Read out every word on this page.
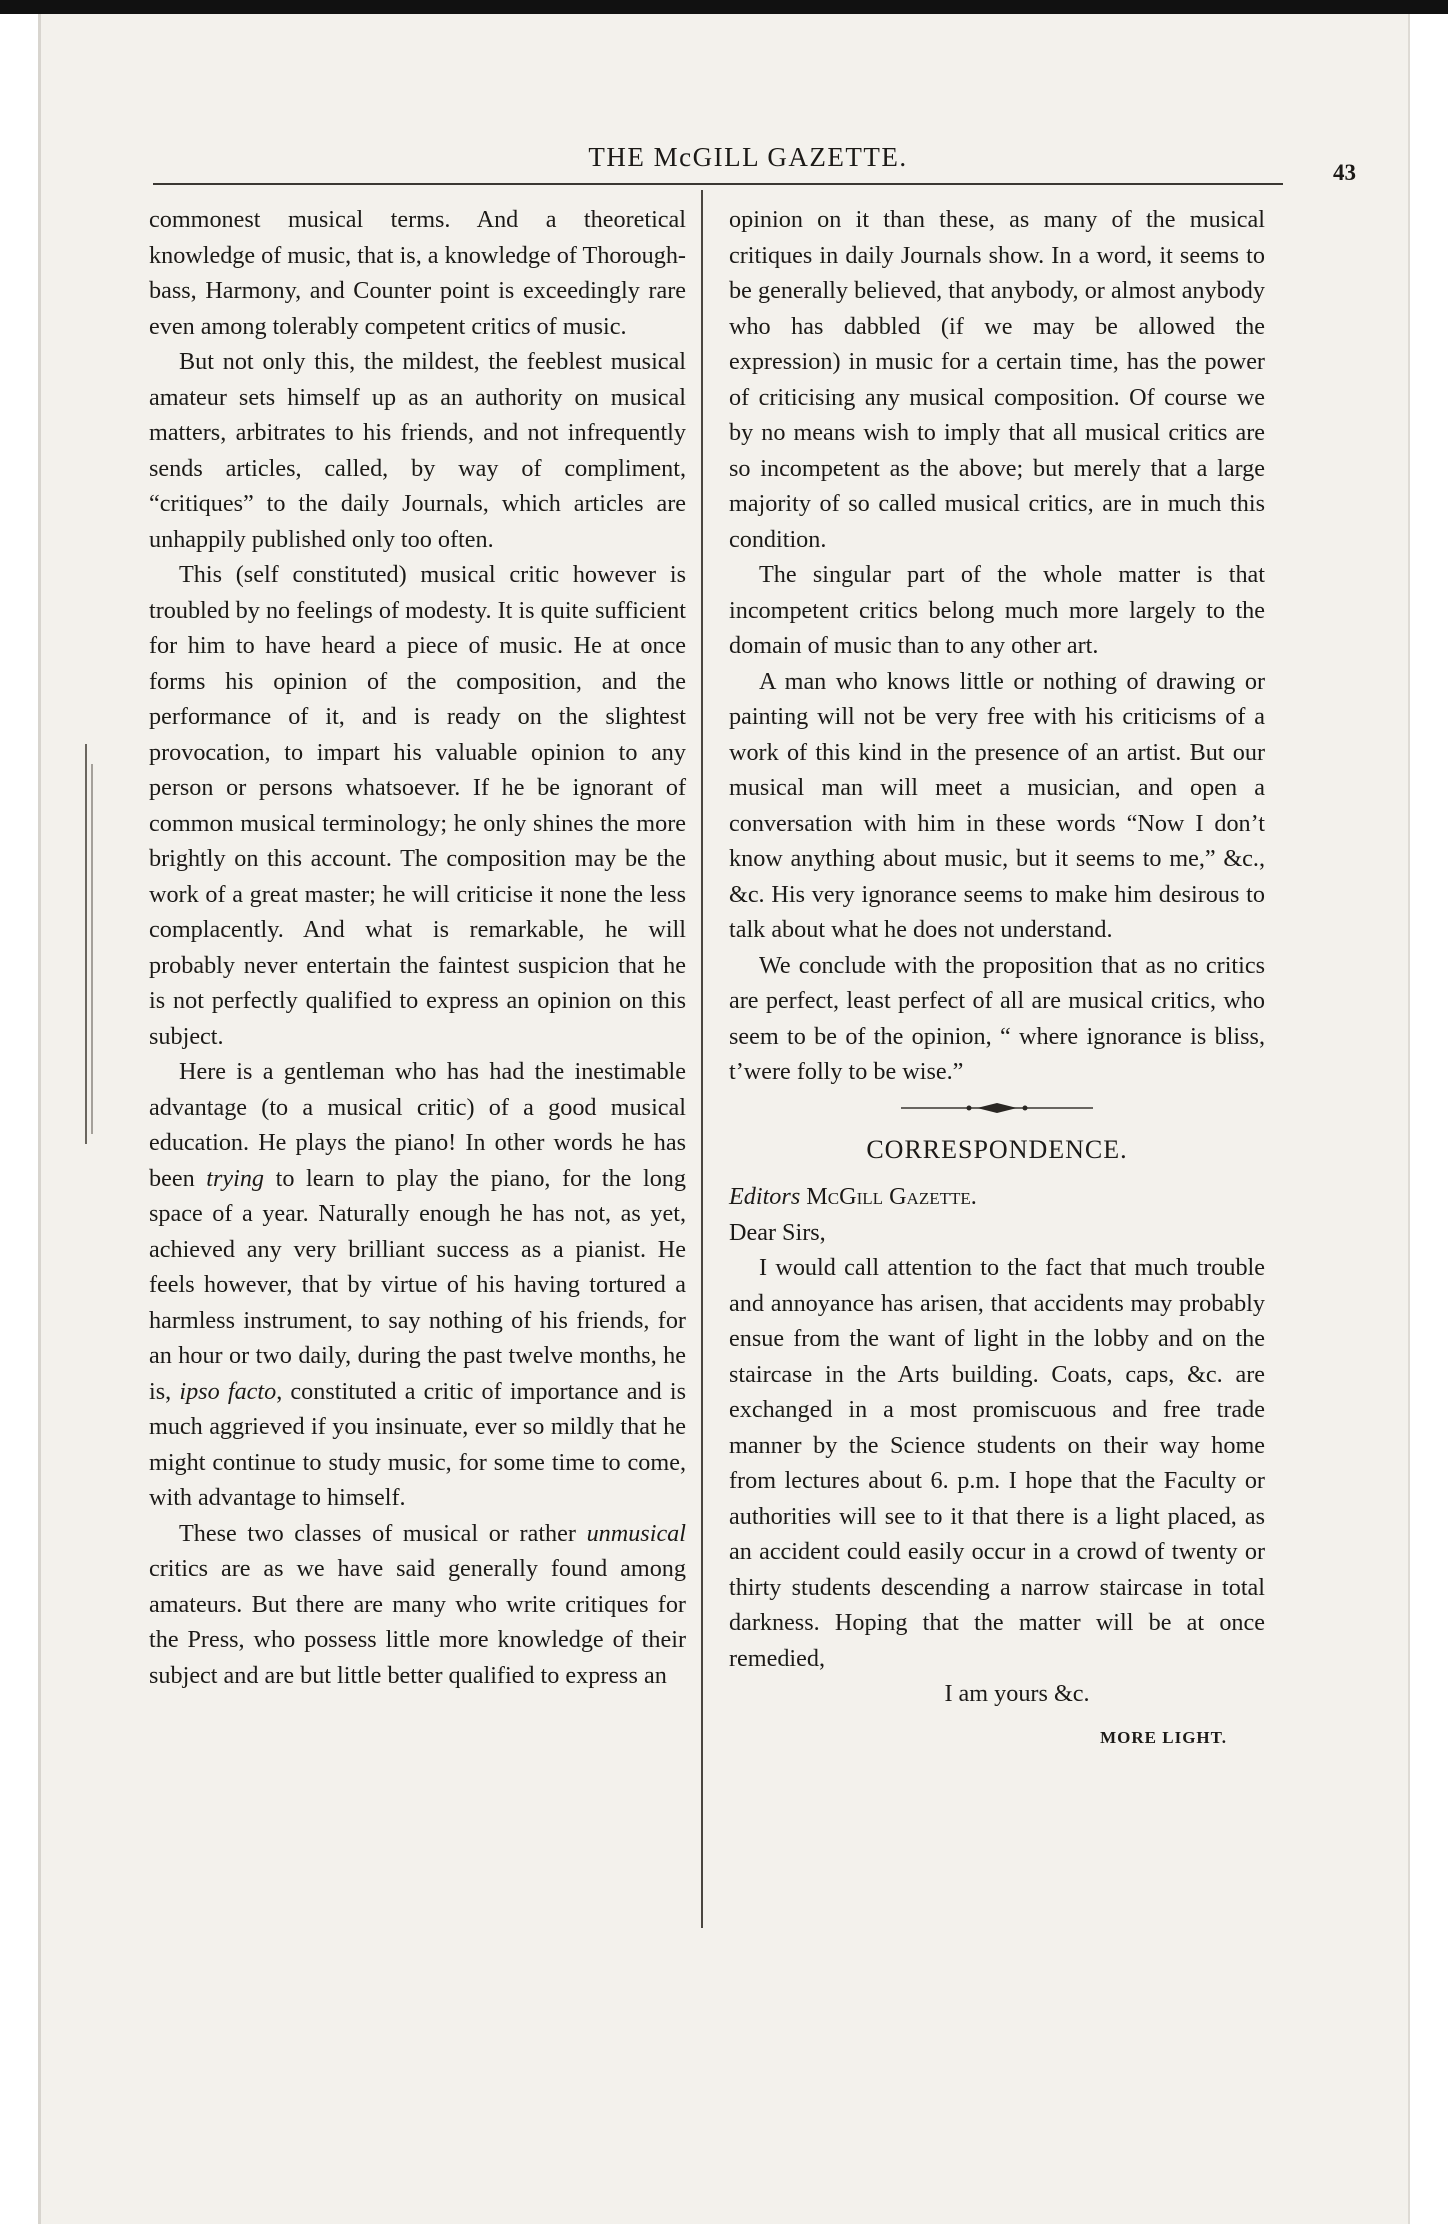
THE McGILL GAZETTE.
43

commonest musical terms. And a theoretical knowledge of music, that is, a knowledge of Thorough-bass, Harmony, and Counter point is exceedingly rare even among tolerably competent critics of music.

But not only this, the mildest, the feeblest musical amateur sets himself up as an authority on musical matters, arbitrates to his friends, and not infrequently sends articles, called, by way of compliment, “critiques” to the daily Journals, which articles are unhappily published only too often.

This (self constituted) musical critic however is troubled by no feelings of modesty. It is quite sufficient for him to have heard a piece of music. He at once forms his opinion of the composition, and the performance of it, and is ready on the slightest provocation, to impart his valuable opinion to any person or persons whatsoever. If he be ignorant of common musical terminology; he only shines the more brightly on this account. The composition may be the work of a great master; he will criticise it none the less complacently. And what is remarkable, he will probably never entertain the faintest suspicion that he is not perfectly qualified to express an opinion on this subject.

Here is a gentleman who has had the inestimable advantage (to a musical critic) of a good musical education. He plays the piano! In other words he has been trying to learn to play the piano, for the long space of a year. Naturally enough he has not, as yet, achieved any very brilliant success as a pianist. He feels however, that by virtue of his having tortured a harmless instrument, to say nothing of his friends, for an hour or two daily, during the past twelve months, he is, ipso facto, constituted a critic of importance and is much aggrieved if you insinuate, ever so mildly that he might continue to study music, for some time to come, with advantage to himself.

These two classes of musical or rather unmusical critics are as we have said generally found among amateurs. But there are many who write critiques for the Press, who possess little more knowledge of their subject and are but little better qualified to express an

opinion on it than these, as many of the musical critiques in daily Journals show. In a word, it seems to be generally believed, that anybody, or almost anybody who has dabbled (if we may be allowed the expression) in music for a certain time, has the power of criticising any musical composition. Of course we by no means wish to imply that all musical critics are so incompetent as the above; but merely that a large majority of so called musical critics, are in much this condition.

The singular part of the whole matter is that incompetent critics belong much more largely to the domain of music than to any other art.

A man who knows little or nothing of drawing or painting will not be very free with his criticisms of a work of this kind in the presence of an artist. But our musical man will meet a musician, and open a conversation with him in these words “Now I don’t know anything about music, but it seems to me,” &c., &c. His very ignorance seems to make him desirous to talk about what he does not understand.

We conclude with the proposition that as no critics are perfect, least perfect of all are musical critics, who seem to be of the opinion, “ where ignorance is bliss, t’were folly to be wise.”

CORRESPONDENCE.

Editors McGill Gazette.

Dear Sirs,

I would call attention to the fact that much trouble and annoyance has arisen, that accidents may probably ensue from the want of light in the lobby and on the staircase in the Arts building. Coats, caps, &c. are exchanged in a most promiscuous and free trade manner by the Science students on their way home from lectures about 6. p.m. I hope that the Faculty or authorities will see to it that there is a light placed, as an accident could easily occur in a crowd of twenty or thirty students descending a narrow staircase in total darkness. Hoping that the matter will be at once remedied,

I am yours &c.

MORE LIGHT.
